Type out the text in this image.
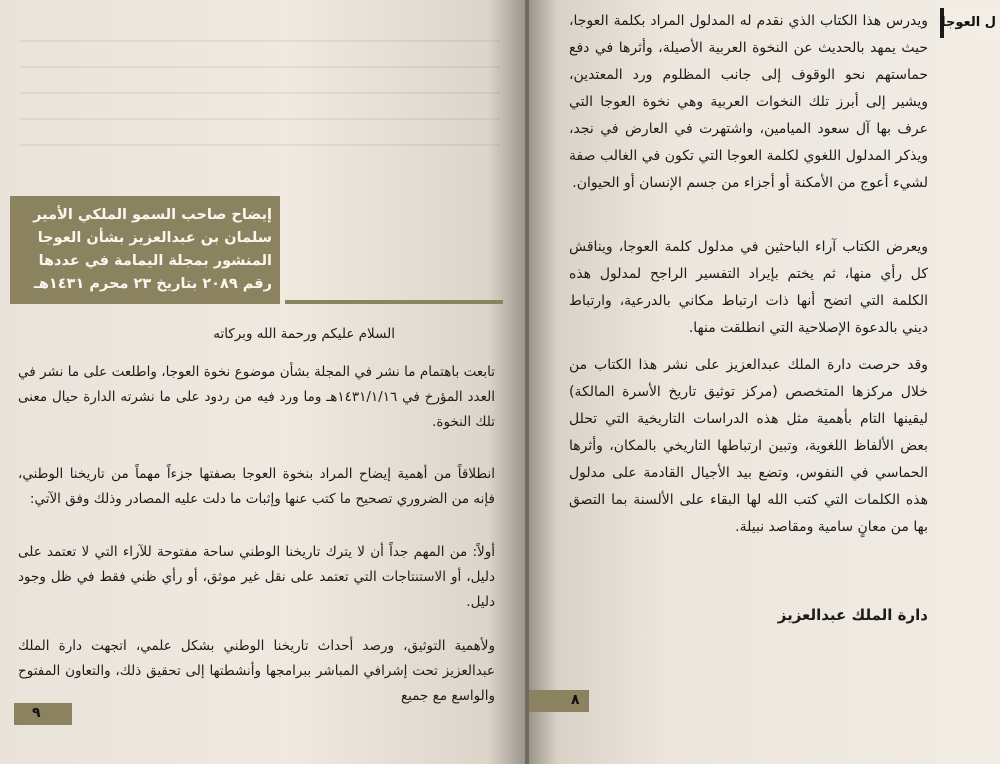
إيضاح صاحب السمو الملكي الأمير سلمان بن عبدالعزيز بشأن العوجا المنشور بمجلة اليمامة في عددها رقم ٢٠٨٩ بتاريخ ٢٣ محرم ١٤٣١هـ

السلام عليكم ورحمة الله وبركاته

تابعت باهتمام ما نشر في المجلة بشأن موضوع نخوة العوجا، واطلعت على ما نشر في العدد المؤرخ في ١٤٣١/١/١٦هـ وما ورد فيه من ردود على ما نشرته الدارة حيال معنى تلك النخوة.

انطلاقاً من أهمية إيضاح المراد بنخوة العوجا بصفتها جزءاً مهماً من تاريخنا الوطني، فإنه من الضروري تصحيح ما كتب عنها وإثبات ما دلت عليه المصادر وذلك وفق الآتي:

أولاً: من المهم جداً أن لا يترك تاريخنا الوطني ساحة مفتوحة للآراء التي لا تعتمد على دليل، أو الاستنتاجات التي تعتمد على نقل غير موثق، أو رأي ظني فقط في ظل وجود دليل.

ولأهمية التوثيق، ورصد أحداث تاريخنا الوطني بشكل علمي، اتجهت دارة الملك عبدالعزيز تحت إشرافي المباشر ببرامجها وأنشطتها إلى تحقيق ذلك، والتعاون المفتوح والواسع مع جميع

٩
ل العوجا

ويدرس هذا الكتاب الذي نقدم له المدلول المراد بكلمة العوجا، حيث يمهد بالحديث عن النخوة العربية الأصيلة، وأثرها في دفع حماستهم نحو الوقوف إلى جانب المظلوم ورد المعتدين، ويشير إلى أبرز تلك النخوات العربية وهي نخوة العوجا التي عرف بها آل سعود الميامين، واشتهرت في العارض في نجد، ويذكر المدلول اللغوي لكلمة العوجا التي تكون في الغالب صفة لشيء أعوج من الأمكنة أو أجزاء من جسم الإنسان أو الحيوان.

ويعرض الكتاب آراء الباحثين في مدلول كلمة العوجا، ويناقش كل رأي منها، ثم يختم بإيراد التفسير الراجح لمدلول هذه الكلمة التي اتضح أنها ذات ارتباط مكاني بالدرعية، وارتباط ديني بالدعوة الإصلاحية التي انطلقت منها.

وقد حرصت دارة الملك عبدالعزيز على نشر هذا الكتاب من خلال مركزها المتخصص (مركز توثيق تاريخ الأسرة المالكة) ليقينها التام بأهمية مثل هذه الدراسات التاريخية التي تحلل بعض الألفاظ اللغوية، وتبين ارتباطها التاريخي بالمكان، وأثرها الحماسي في النفوس، وتضع بيد الأجيال القادمة على مدلول هذه الكلمات التي كتب الله لها البقاء على الألسنة بما التصق بها من معانٍ سامية ومقاصد نبيلة.

دارة الملك عبدالعزيز

٨
